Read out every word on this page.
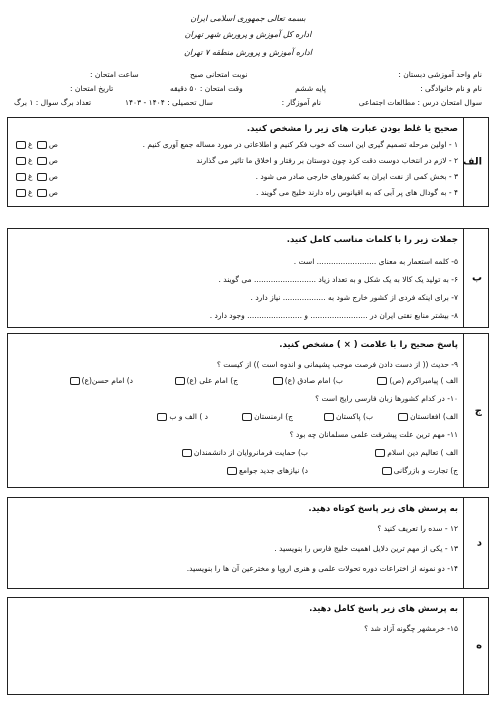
بسمه تعالی جمهوری اسلامی ایران
اداره کل آموزش و پرورش شهر تهران
اداره آموزش و پرورش منطقه ۷ تهران
نام واحد آموزشی دبستان :
نام و نام خانوادگی :
پایه ششم
سوال امتحان درس : مطالعات اجتماعی
نام آموزگار :
نوبت امتحانی صبح
وقت امتحان : ۵۰ دقیقه
سال تحصیلی : ۱۴۰۴ - ۱۴۰۳
ساعت امتحان :
تاریخ امتحان :
تعداد برگ سوال : ۱ برگ
الف
صحیح یا غلط بودن عبارت های زیر را مشخص کنید.
۱ - اولین مرحله تصمیم گیری این است که خوب فکر کنیم و اطلاعاتی در مورد مساله جمع آوری کنیم .
۲ - لازم در انتخاب دوست دقت کرد چون دوستان بر رفتار و اخلاق ما تاثیر می گذارند
۳ - بخش کمی از نفت ایران به کشورهای خارجی صادر می شود .
۴ - به گودال های پر آبی که به اقیانوس راه دارند خلیج می گویند .
ص غ
ص غ
ص غ
ص غ
ب
جملات زیر را با کلمات مناسب کامل کنید.
۵- کلمه استعمار به معنای ......................... است .
۶- به تولید یک کالا به یک شکل و به تعداد زیاد .......................... می گویند .
۷- برای اینکه فردی از کشور خارج شود به .................. نیاز دارد .
۸- بیشتر منابع نفتی ایران در ........................ و ....................... وجود دارد .
ج
پاسخ صحیح را با علامت ( × ) مشخص کنید.
۹- حدیث (( از دست دادن فرصت موجب پشیمانی و اندوه است )) از کیست ؟
الف ) پیامبراکرم (ص)
ب) امام صادق (ع)
ج) امام علی (ع)
د) امام حسن(ع)
۱۰- در کدام کشورها زبان فارسی رایج است ؟
الف) افغانستان
ب) پاکستان
ج) ارمنستان
د ) الف و ب
۱۱- مهم ترین علت پیشرفت علمی مسلمانان چه بود ؟
الف ) تعالیم دین اسلام
ب) حمایت فرمانروایان از دانشمندان
ج) تجارت و بازرگانی
د) نیازهای جدید جوامع
د
به پرسش های زیر پاسخ کوتاه دهید.
۱۲ - سده را تعریف کنید ؟
۱۳ - یکی از مهم ترین دلایل اهمیت خلیج فارس را بنویسید .
۱۴- دو نمونه از اختراعات دوره تحولات علمی و هنری اروپا و مخترعین آن ها را بنویسید.
ه
به پرسش های زیر پاسخ کامل دهید.
۱۵- خرمشهر چگونه آزاد شد ؟
